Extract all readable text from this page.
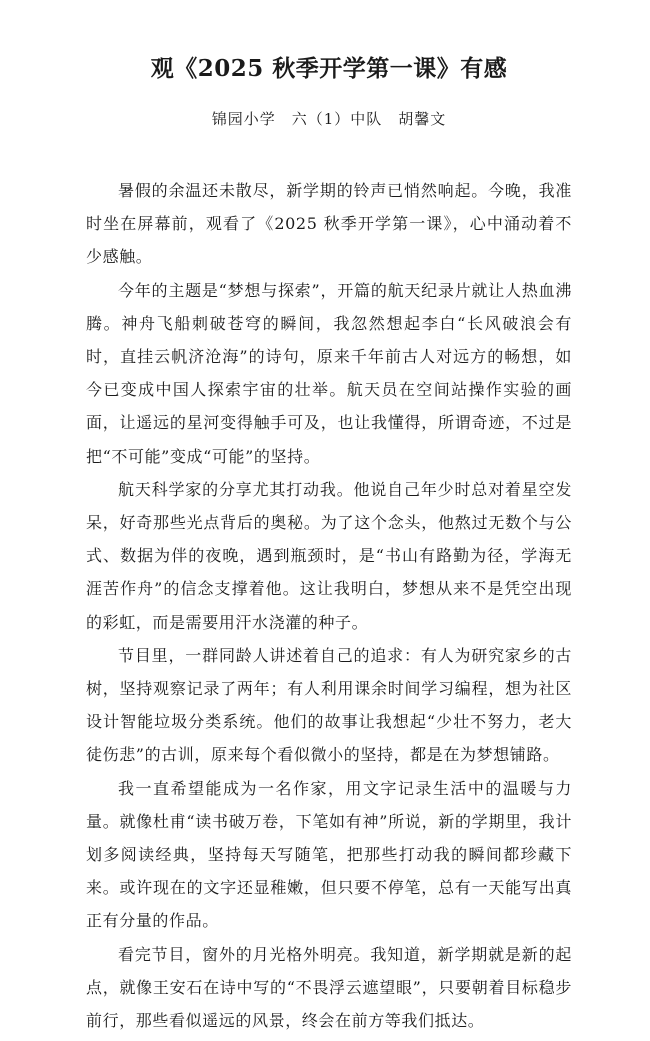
观《2025 秋季开学第一课》有感
锦园小学 六（1）中队 胡馨文

暑假的余温还未散尽，新学期的铃声已悄然响起。今晚，我准时坐在屏幕前，观看了《2025 秋季开学第一课》，心中涌动着不少感触。

今年的主题是“梦想与探索”，开篇的航天纪录片就让人热血沸腾。神舟飞船刺破苍穹的瞬间，我忽然想起李白“长风破浪会有时，直挂云帆济沧海”的诗句，原来千年前古人对远方的畅想，如今已变成中国人探索宇宙的壮举。航天员在空间站操作实验的画面，让遥远的星河变得触手可及，也让我懂得，所谓奇迹，不过是把“不可能”变成“可能”的坚持。

航天科学家的分享尤其打动我。他说自己年少时总对着星空发呆，好奇那些光点背后的奥秘。为了这个念头，他熬过无数个与公式、数据为伴的夜晚，遇到瓶颈时，是“书山有路勤为径，学海无涯苦作舟”的信念支撑着他。这让我明白，梦想从来不是凭空出现的彩虹，而是需要用汗水浇灌的种子。

节目里，一群同龄人讲述着自己的追求：有人为研究家乡的古树，坚持观察记录了两年；有人利用课余时间学习编程，想为社区设计智能垃圾分类系统。他们的故事让我想起“少壮不努力，老大徒伤悲”的古训，原来每个看似微小的坚持，都是在为梦想铺路。

我一直希望能成为一名作家，用文字记录生活中的温暖与力量。就像杜甫“读书破万卷，下笔如有神”所说，新的学期里，我计划多阅读经典，坚持每天写随笔，把那些打动我的瞬间都珍藏下来。或许现在的文字还显稚嫩，但只要不停笔，总有一天能写出真正有分量的作品。

看完节目，窗外的月光格外明亮。我知道，新学期就是新的起点，就像王安石在诗中写的“不畏浮云遮望眼”，只要朝着目标稳步前行，那些看似遥远的风景，终会在前方等我们抵达。
